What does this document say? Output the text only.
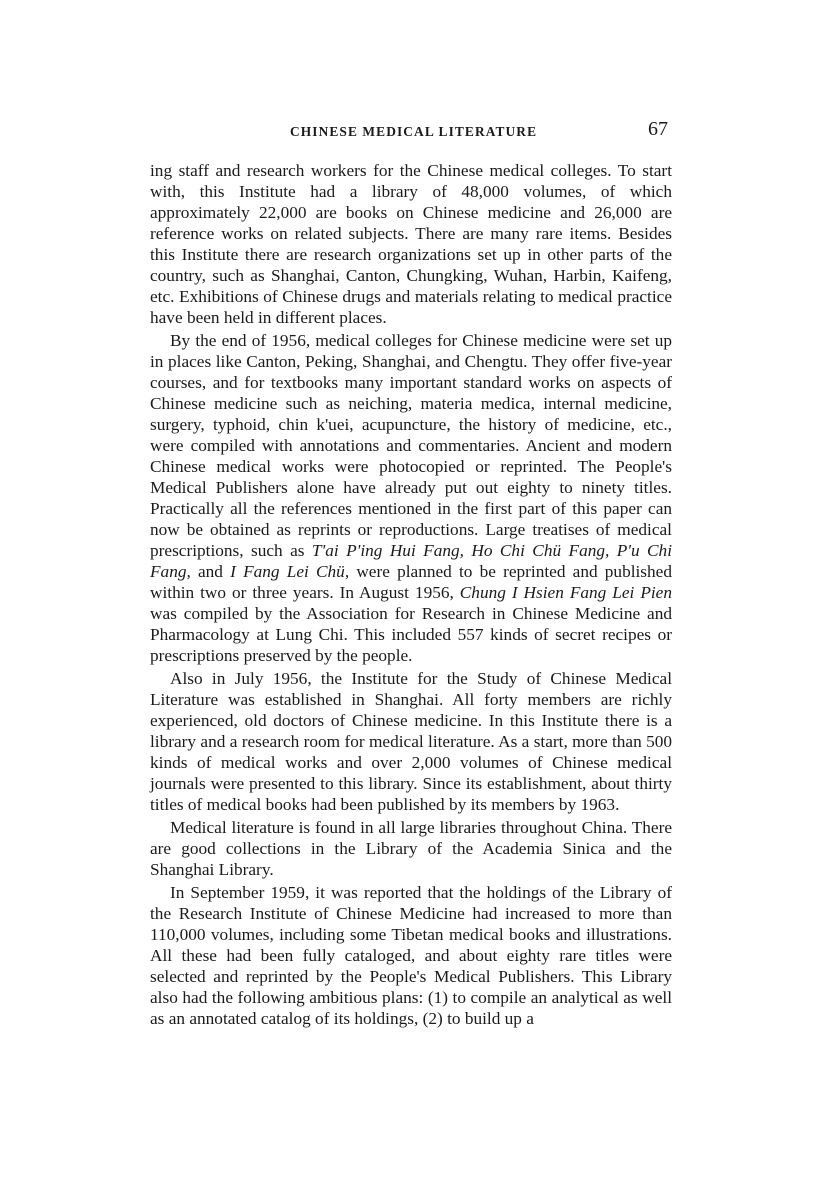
CHINESE MEDICAL LITERATURE	67

ing staff and research workers for the Chinese medical colleges. To start with, this Institute had a library of 48,000 volumes, of which approximately 22,000 are books on Chinese medicine and 26,000 are reference works on related subjects. There are many rare items. Besides this Institute there are research organizations set up in other parts of the country, such as Shanghai, Canton, Chungking, Wuhan, Harbin, Kaifeng, etc. Exhibitions of Chinese drugs and materials relating to medical practice have been held in different places.

By the end of 1956, medical colleges for Chinese medicine were set up in places like Canton, Peking, Shanghai, and Chengtu. They offer five-year courses, and for textbooks many important standard works on aspects of Chinese medicine such as neiching, materia medica, internal medicine, surgery, typhoid, chin k'uei, acupuncture, the history of medicine, etc., were compiled with annotations and commentaries. Ancient and modern Chinese medical works were photocopied or reprinted. The People's Medical Publishers alone have already put out eighty to ninety titles. Practically all the references mentioned in the first part of this paper can now be obtained as reprints or reproductions. Large treatises of medical prescriptions, such as T'ai P'ing Hui Fang, Ho Chi Chü Fang, P'u Chi Fang, and I Fang Lei Chü, were planned to be reprinted and published within two or three years. In August 1956, Chung I Hsien Fang Lei Pien was compiled by the Association for Research in Chinese Medicine and Pharmacology at Lung Chi. This included 557 kinds of secret recipes or prescriptions preserved by the people.

Also in July 1956, the Institute for the Study of Chinese Medical Literature was established in Shanghai. All forty members are richly experienced, old doctors of Chinese medicine. In this Institute there is a library and a research room for medical literature. As a start, more than 500 kinds of medical works and over 2,000 volumes of Chinese medical journals were presented to this library. Since its establishment, about thirty titles of medical books had been published by its members by 1963.

Medical literature is found in all large libraries throughout China. There are good collections in the Library of the Academia Sinica and the Shanghai Library.

In September 1959, it was reported that the holdings of the Library of the Research Institute of Chinese Medicine had increased to more than 110,000 volumes, including some Tibetan medical books and illustrations. All these had been fully cataloged, and about eighty rare titles were selected and reprinted by the People's Medical Publishers. This Library also had the following ambitious plans: (1) to compile an analytical as well as an annotated catalog of its holdings, (2) to build up a
